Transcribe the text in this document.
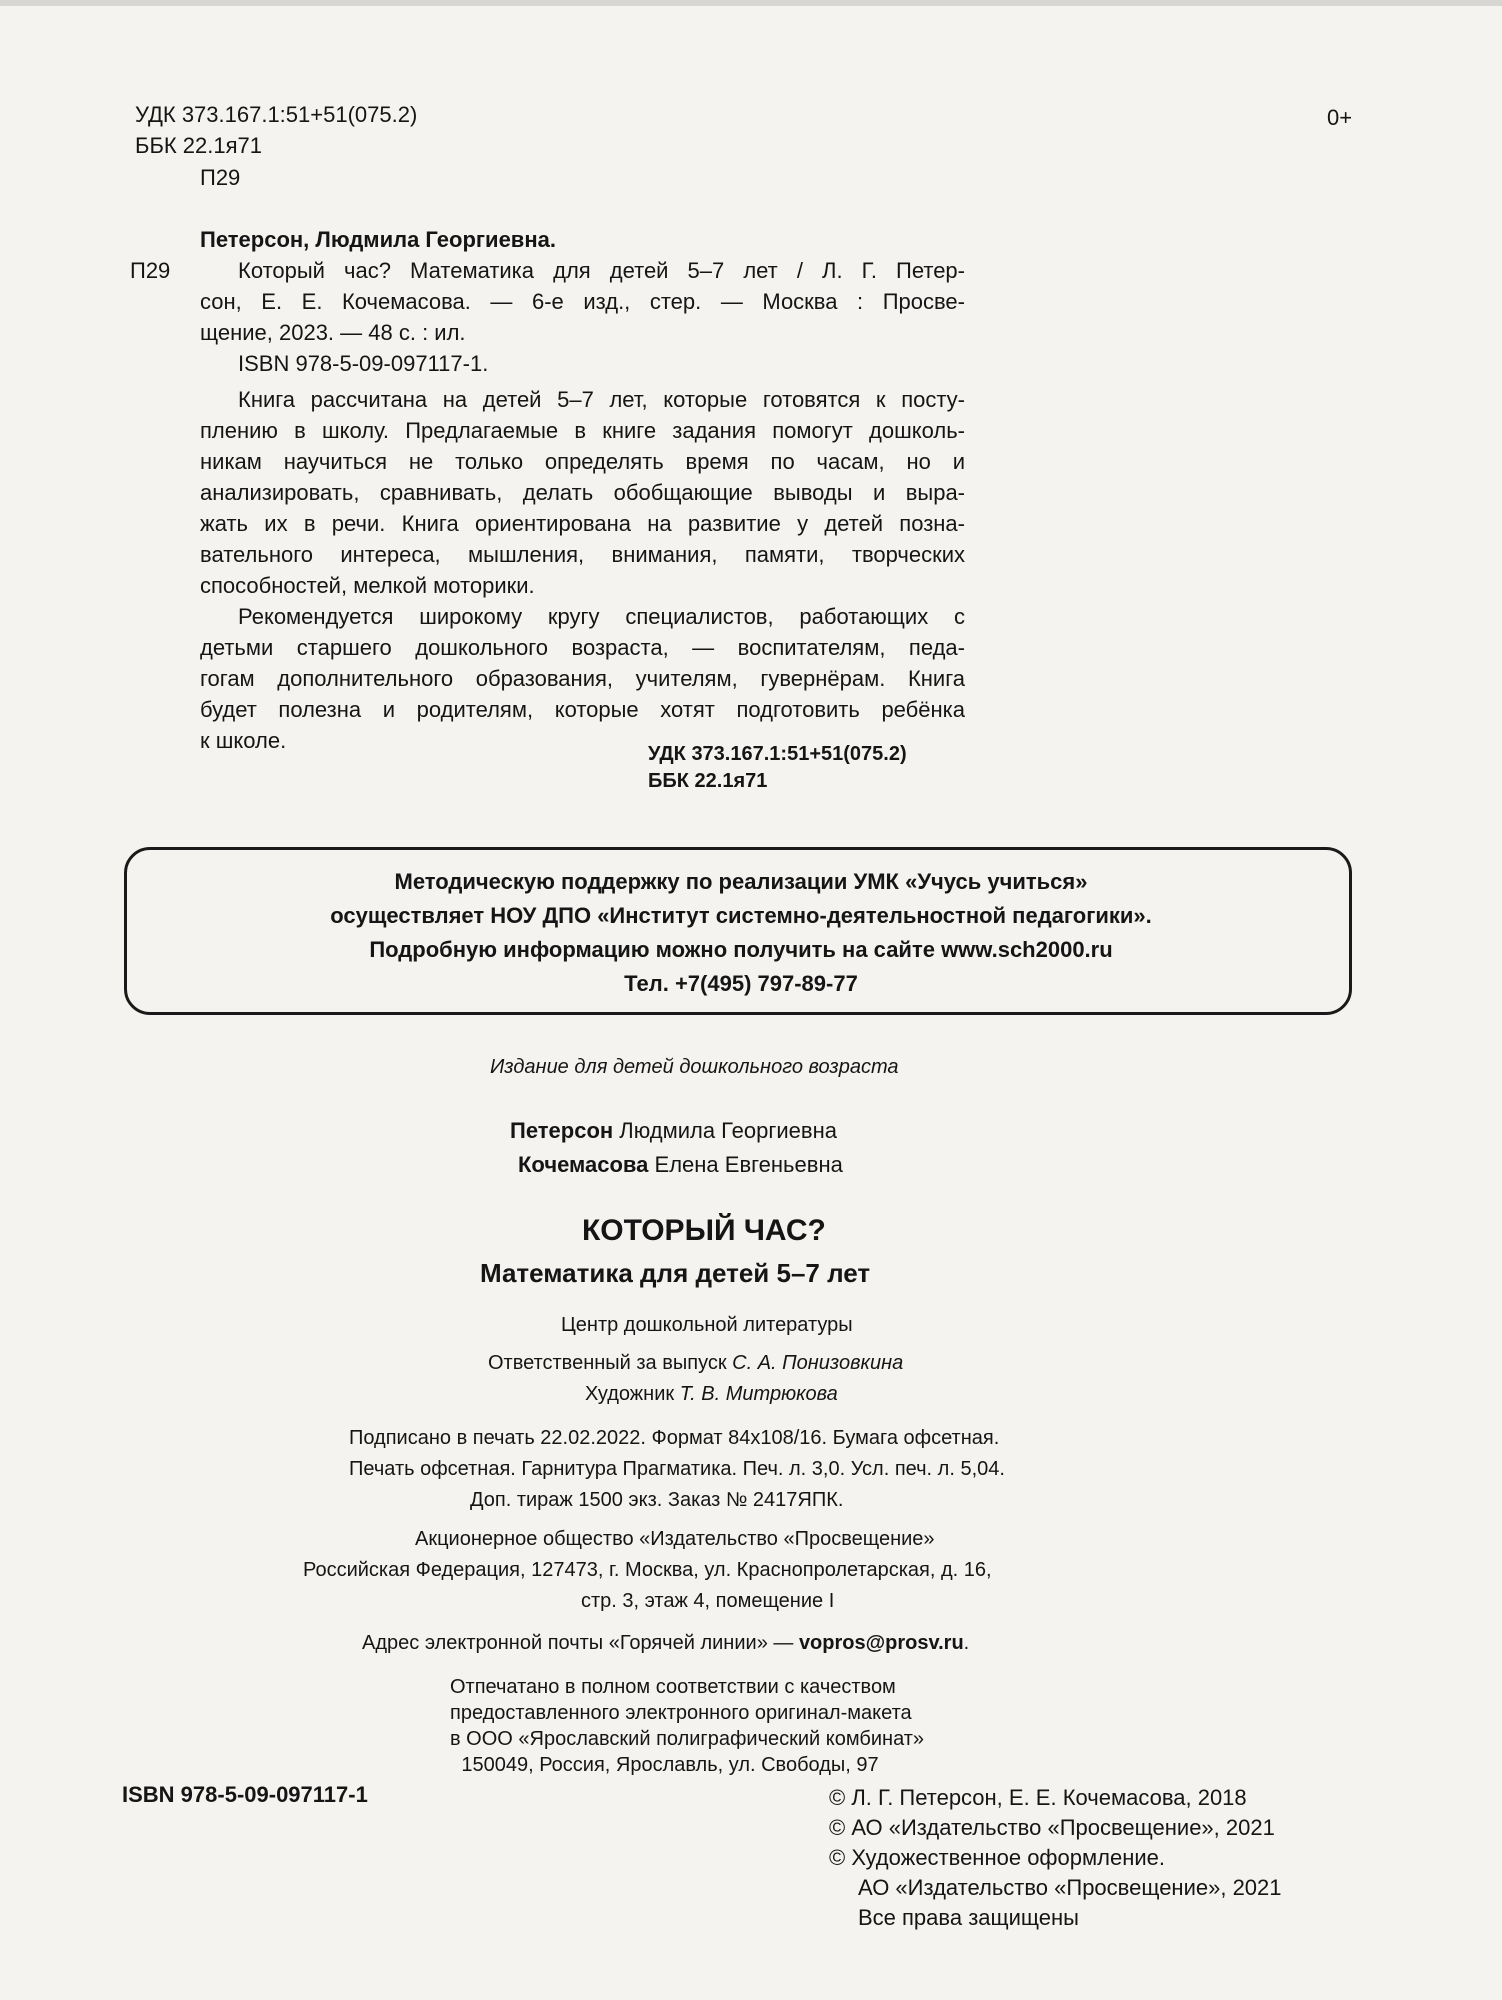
УДК 373.167.1:51+51(075.2)
ББК 22.1я71
П29
0+
Петерсон, Людмила Георгиевна.
П29	Который час? Математика для детей 5–7 лет / Л. Г. Петер-
сон, Е. Е. Кочемасова. — 6-е изд., стер. — Москва : Просве-
щение, 2023. — 48 с. : ил.
ISBN 978-5-09-097117-1.
Книга рассчитана на детей 5–7 лет, которые готовятся к посту-
плению в школу. Предлагаемые в книге задания помогут дошколь-
никам научиться не только определять время по часам, но и
анализировать, сравнивать, делать обобщающие выводы и выра-
жать их в речи. Книга ориентирована на развитие у детей позна-
вательного интереса, мышления, внимания, памяти, творческих
способностей, мелкой моторики.
Рекомендуется широкому кругу специалистов, работающих с
детьми старшего дошкольного возраста, — воспитателям, педа-
гогам дополнительного образования, учителям, гувернёрам. Книга
будет полезна и родителям, которые хотят подготовить ребёнка
к школе.
УДК 373.167.1:51+51(075.2)
ББК 22.1я71
Методическую поддержку по реализации УМК «Учусь учиться»
осуществляет НОУ ДПО «Институт системно-деятельностной педагогики».
Подробную информацию можно получить на сайте www.sch2000.ru
Тел. +7(495) 797-89-77
Издание для детей дошкольного возраста
Петерсон Людмила Георгиевна
Кочемасова Елена Евгеньевна
КОТОРЫЙ ЧАС?
Математика для детей 5–7 лет
Центр дошкольной литературы
Ответственный за выпуск С. А. Понизовкина
Художник Т. В. Митрюкова
Подписано в печать 22.02.2022. Формат 84x108/16. Бумага офсетная.
Печать офсетная. Гарнитура Прагматика. Печ. л. 3,0. Усл. печ. л. 5,04.
Доп. тираж 1500 экз. Заказ № 2417ЯПК.
Акционерное общество «Издательство «Просвещение»
Российская Федерация, 127473, г. Москва, ул. Краснопролетарская, д. 16,
стр. 3, этаж 4, помещение I
Адрес электронной почты «Горячей линии» — vopros@prosv.ru.
Отпечатано в полном соответствии с качеством
предоставленного электронного оригинал-макета
в ООО «Ярославский полиграфический комбинат»
150049, Россия, Ярославль, ул. Свободы, 97
ISBN 978-5-09-097117-1	© Л. Г. Петерсон, Е. Е. Кочемасова, 2018
© АО «Издательство «Просвещение», 2021
© Художественное оформление.
АО «Издательство «Просвещение», 2021
Все права защищены
